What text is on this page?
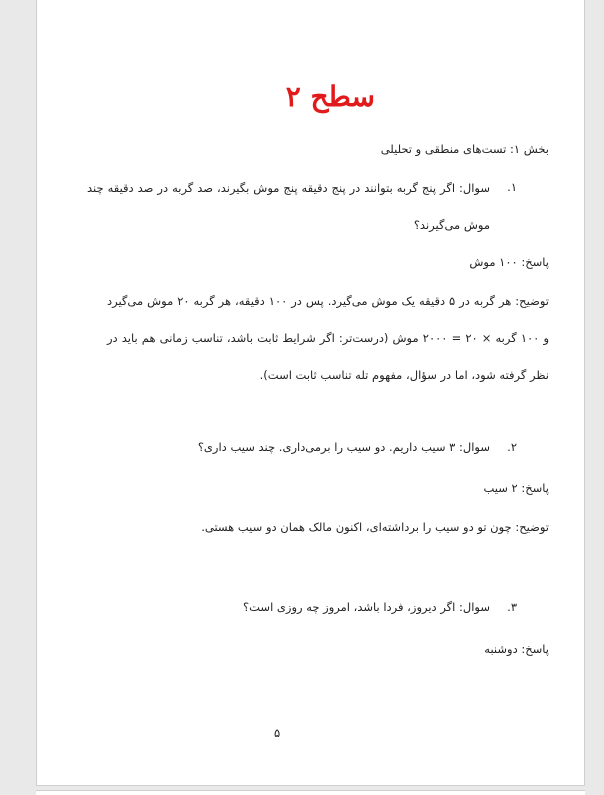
سطح ۲
بخش ۱: تست‌های منطقی و تحلیلی
۱.
سوال: اگر پنج گربه بتوانند در پنج دقیقه پنج موش بگیرند، صد گربه در صد دقیقه چند موش می‌گیرند؟
پاسخ: ۱۰۰ موش
توضیح: هر گربه در ۵ دقیقه یک موش می‌گیرد. پس در ۱۰۰ دقیقه، هر گربه ۲۰ موش می‌گیرد و ۱۰۰ گربه × ۲۰ = ۲۰۰۰ موش (درست‌تر: اگر شرایط ثابت باشد، تناسب زمانی هم باید در نظر گرفته شود، اما در سؤال، مفهوم تله تناسب ثابت است).
۲.
سوال: ۳ سیب داریم. دو سیب را برمی‌داری. چند سیب داری؟
پاسخ: ۲ سیب
توضیح: چون تو دو سیب را برداشته‌ای، اکنون مالک همان دو سیب هستی.
۳.
سوال: اگر دیروز، فردا باشد، امروز چه روزی است؟
پاسخ: دوشنبه
۵
